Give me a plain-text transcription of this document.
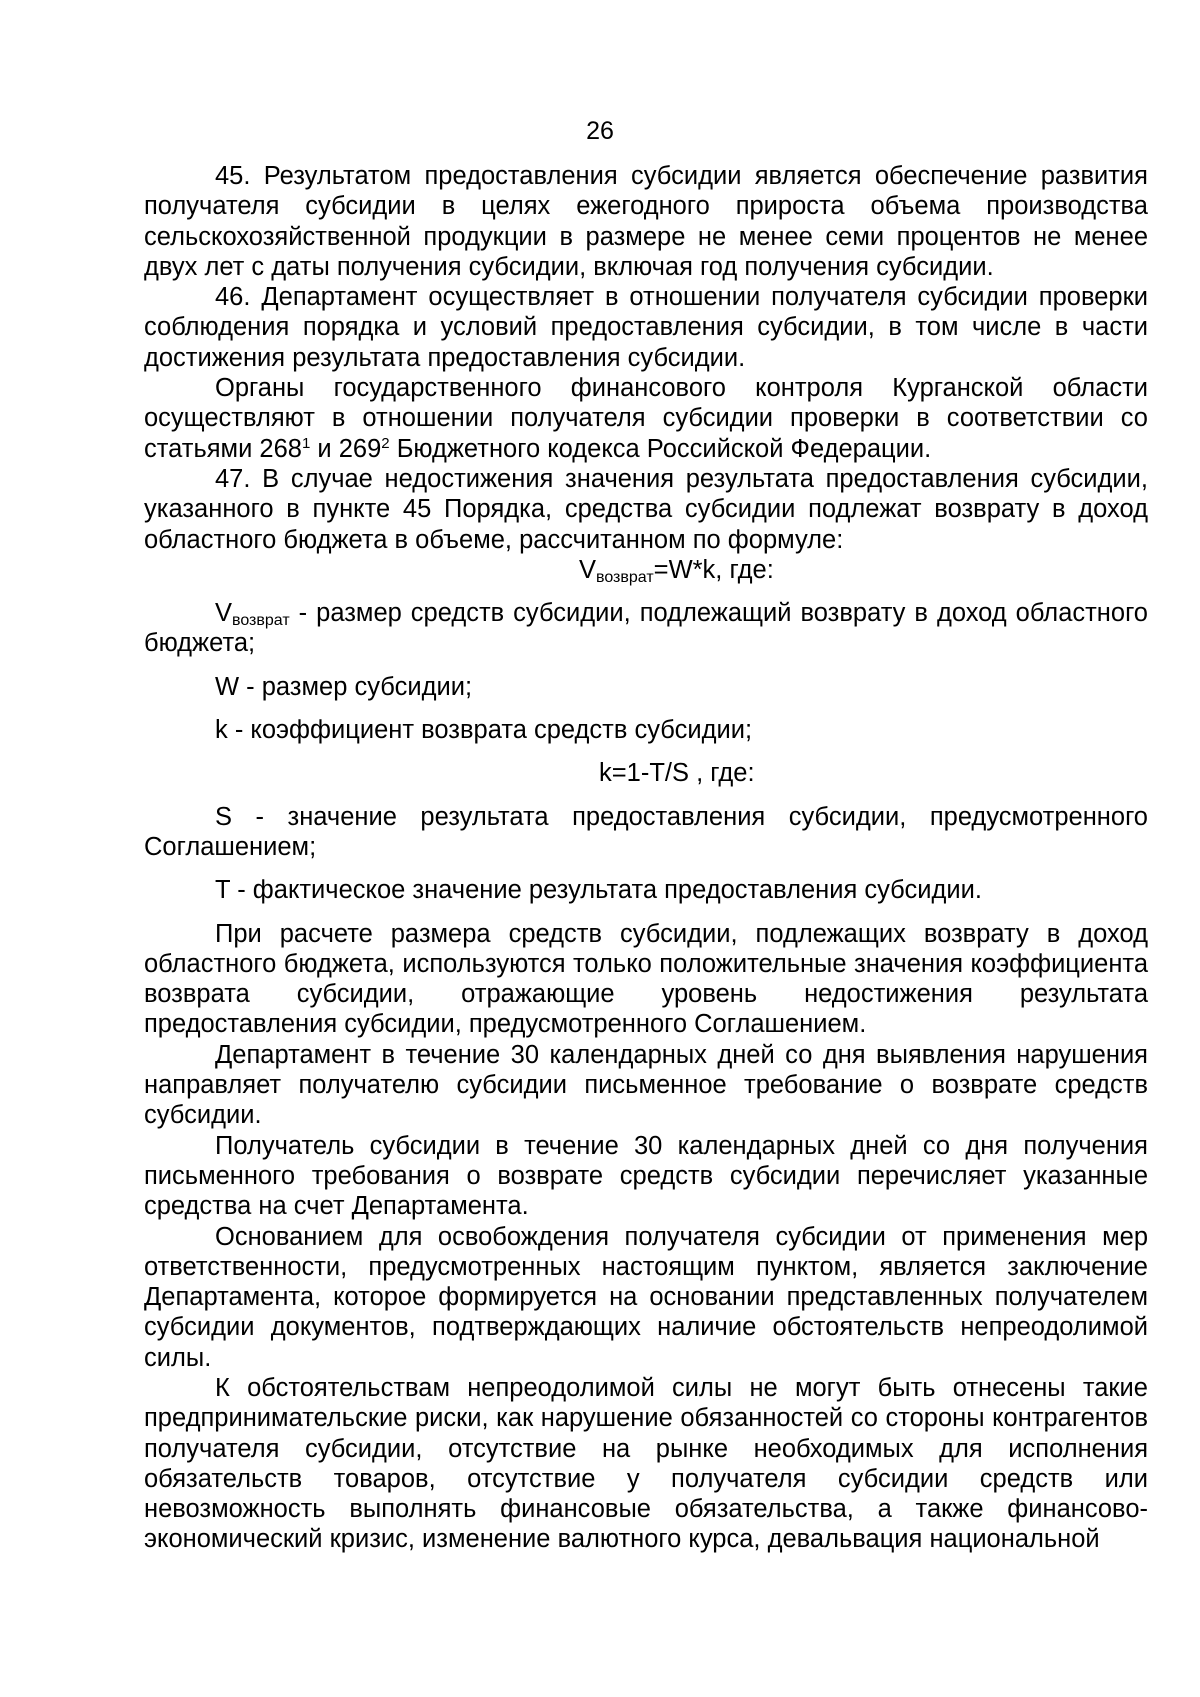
26

45. Результатом предоставления субсидии является обеспечение развития получателя субсидии в целях ежегодного прироста объема производства сельскохозяйственной продукции в размере не менее семи процентов не менее двух лет с даты получения субсидии, включая год получения субсидии.

46. Департамент осуществляет в отношении получателя субсидии проверки соблюдения порядка и условий предоставления субсидии, в том числе в части достижения результата предоставления субсидии.

Органы государственного финансового контроля Курганской области осуществляют в отношении получателя субсидии проверки в соответствии со статьями $268^1$ и $269^2$ Бюджетного кодекса Российской Федерации.

47. В случае недостижения значения результата предоставления субсидии, указанного в пункте 45 Порядка, средства субсидии подлежат возврату в доход областного бюджета в объеме, рассчитанном по формуле:

$V_{возврат}=W*k$, где:

$V_{возврат}$ - размер средств субсидии, подлежащий возврату в доход областного бюджета;

W - размер субсидии;

k - коэффициент возврата средств субсидии;

k=1-T/S , где:

S - значение результата предоставления субсидии, предусмотренного Соглашением;

T - фактическое значение результата предоставления субсидии.

При расчете размера средств субсидии, подлежащих возврату в доход областного бюджета, используются только положительные значения коэффициента возврата субсидии, отражающие уровень недостижения результата предоставления субсидии, предусмотренного Соглашением.

Департамент в течение 30 календарных дней со дня выявления нарушения направляет получателю субсидии письменное требование о возврате средств субсидии.

Получатель субсидии в течение 30 календарных дней со дня получения письменного требования о возврате средств субсидии перечисляет указанные средства на счет Департамента.

Основанием для освобождения получателя субсидии от применения мер ответственности, предусмотренных настоящим пунктом, является заключение Департамента, которое формируется на основании представленных получателем субсидии документов, подтверждающих наличие обстоятельств непреодолимой силы.

К обстоятельствам непреодолимой силы не могут быть отнесены такие предпринимательские риски, как нарушение обязанностей со стороны контрагентов получателя субсидии, отсутствие на рынке необходимых для исполнения обязательств товаров, отсутствие у получателя субсидии средств или невозможность выполнять финансовые обязательства, а также финансово-экономический кризис, изменение валютного курса, девальвация национальной
